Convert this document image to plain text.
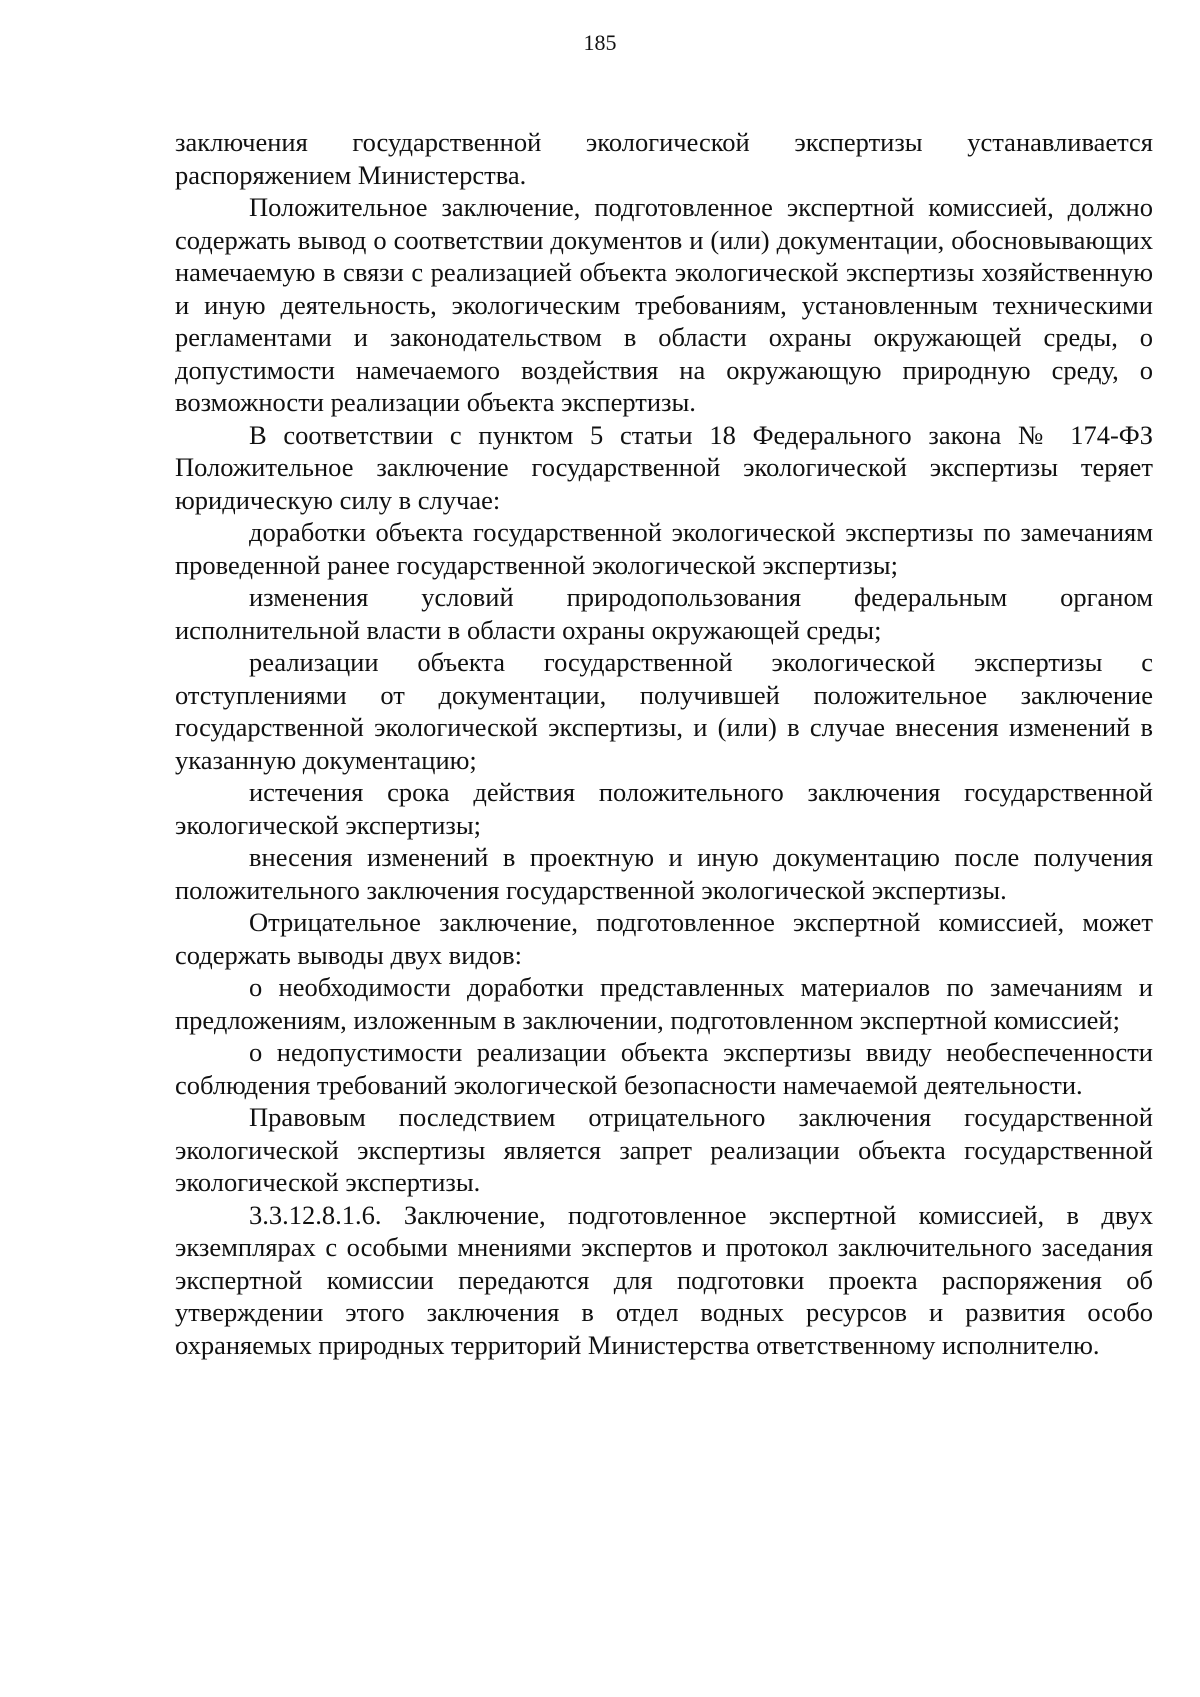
185

заключения государственной экологической экспертизы устанавливается распоряжением Министерства.

Положительное заключение, подготовленное экспертной комиссией, должно содержать вывод о соответствии документов и (или) документации, обосновывающих намечаемую в связи с реализацией объекта экологической экспертизы хозяйственную и иную деятельность, экологическим требованиям, установленным техническими регламентами и законодательством в области охраны окружающей среды, о допустимости намечаемого воздействия на окружающую природную среду, о возможности реализации объекта экспертизы.

В соответствии с пунктом 5 статьи 18 Федерального закона № 174-ФЗ Положительное заключение государственной экологической экспертизы теряет юридическую силу в случае:

доработки объекта государственной экологической экспертизы по замечаниям проведенной ранее государственной экологической экспертизы;

изменения условий природопользования федеральным органом исполнительной власти в области охраны окружающей среды;

реализации объекта государственной экологической экспертизы с отступлениями от документации, получившей положительное заключение государственной экологической экспертизы, и (или) в случае внесения изменений в указанную документацию;

истечения срока действия положительного заключения государственной экологической экспертизы;

внесения изменений в проектную и иную документацию после получения положительного заключения государственной экологической экспертизы.

Отрицательное заключение, подготовленное экспертной комиссией, может содержать выводы двух видов:

о необходимости доработки представленных материалов по замечаниям и предложениям, изложенным в заключении, подготовленном экспертной комиссией;

о недопустимости реализации объекта экспертизы ввиду необеспеченности соблюдения требований экологической безопасности намечаемой деятельности.

Правовым последствием отрицательного заключения государственной экологической экспертизы является запрет реализации объекта государственной экологической экспертизы.

3.3.12.8.1.6. Заключение, подготовленное экспертной комиссией, в двух экземплярах с особыми мнениями экспертов и протокол заключительного заседания экспертной комиссии передаются для подготовки проекта распоряжения об утверждении этого заключения в отдел водных ресурсов и развития особо охраняемых природных территорий Министерства ответственному исполнителю.
